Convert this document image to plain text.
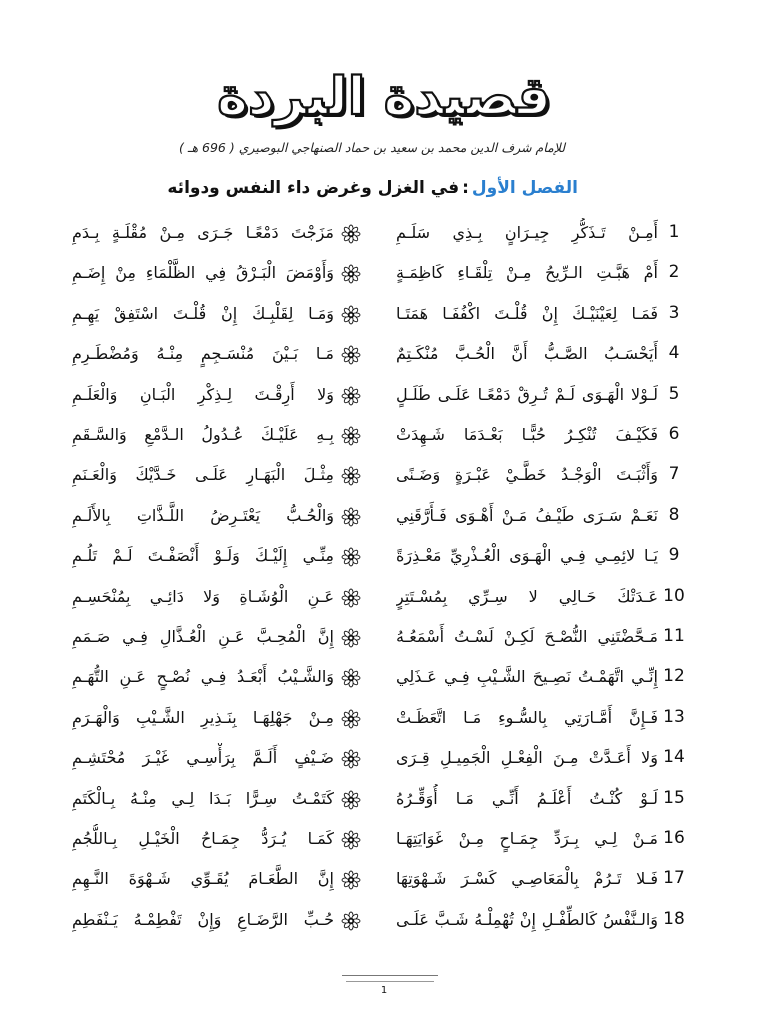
قصيدة البردة
للإمام شرف الدين محمد بن سعيد بن حماد الصنهاجي البوصيري ( 696 هـ )
الفصل الأول:في الغزل وغرض داء النفس ودوائه
1
أَمِـنْ تَـذَكُّرِ جِيـرَانٍ بِـذِي سَلَـمِ
مَزَجْتَ دَمْعًـا جَـرَى مِـنْ مُقْلَـةٍ بِـدَمِ
2
أَمْ هَبَّـتِ الـرِّيحُ مِـنْ تِلْقَـاءِ كَاظِمَـةٍ
وَأَوْمَضَ الْبَـرْقُ فِي الظَّلْمَاءِ مِنْ إِضَـمِ
3
فَمَـا لِعَيْنَيْـكَ إِنْ قُلْـتَ اكْفُفَـا هَمَتَـا
وَمَـا لِقَلْبِـكَ إِنْ قُلْـتَ اسْتَفِقْ يَهِـمِ
4
أَيَحْسَـبُ الصَّـبُّ أَنَّ الْحُـبَّ مُنْكَـتِمٌ
مَـا بَـيْنَ مُنْسَـجِمٍ مِنْـهُ وَمُضْطَـرِمِ
5
لَـوْلا الْهَـوَى لَـمْ تُـرِقْ دَمْعًـا عَلَـى طَلَـلٍ
وَلا أَرِقْـتَ لِـذِكْرِ الْبَـانِ وَالْعَلَـمِ
6
فَكَيْـفَ تُنْكِـرُ حُبًّـا بَعْـدَمَا شَـهِدَتْ
بِـهِ عَلَيْـكَ عُـدُولُ الـدَّمْعِ وَالسَّـقَمِ
7
وَأَثْبَـتَ الْوَجْـدُ خَطَّـيْ عَبْـرَةٍ وَضَـنًى
مِثْـلَ الْبَهَـارِ عَلَـى خَـدَّيْكَ وَالْعَـنَمِ
8
نَعَـمْ سَـرَى طَيْـفُ مَـنْ أَهْـوَى فَـأَرَّقَنِي
وَالْحُـبُّ يَعْتَـرِضُ اللَّـذَّاتِ بِالأَلَـمِ
9
يَـا لائِمِـي فِـي الْهَـوَى الْعُـذْرِيِّ مَعْـذِرَةً
مِنِّـي إِلَيْـكَ وَلَـوْ أَنْصَفْـتَ لَـمْ تَلُـمِ
10
عَـدَتْكَ حَـالِي لا سِـرِّي بِمُسْـتَتِرٍ
عَـنِ الْوُشَـاةِ وَلا دَائِـي بِمُنْحَسِـمِ
11
مَـحَّضْتَنِي النُّصْـحَ لَكِـنْ لَسْـتُ أَسْمَعُـهُ
إِنَّ الْمُحِـبَّ عَـنِ الْعُـذَّالِ فِـي صَـمَمِ
12
إِنِّـي اتَّهَمْـتُ نَصِـيحَ الشَّـيْبِ فِـي عَـذَلِي
وَالشَّـيْبُ أَبْعَـدُ فِـي نُصْـحٍ عَـنِ التُّهَـمِ
13
فَـإِنَّ أَمَّـارَتِي بِالسُّـوءِ مَـا اتَّعَظَـتْ
مِـنْ جَهْلِهَـا بِنَـذِيرِ الشَّـيْبِ وَالْهَـرَمِ
14
وَلا أَعَـدَّتْ مِـنَ الْفِعْـلِ الْجَمِيـلِ قِـرَى
ضَـيْفٍ أَلَـمَّ بِرَأْسِـي غَيْـرَ مُحْتَشِـمِ
15
لَـوْ كُنْـتُ أَعْلَـمُ أَنِّـي مَـا أُوَقِّـرُهُ
كَتَمْـتُ سِـرًّا بَـدَا لِـي مِنْـهُ بِـالْكَتَمِ
16
مَـنْ لِـي بِـرَدِّ جِمَـاحٍ مِـنْ غَوَايَتِهَـا
كَمَـا يُـرَدُّ جِمَـاحُ الْخَيْـلِ بِـاللُّجُمِ
17
فَـلا تَـرُمْ بِالْمَعَاصِـي كَسْـرَ شَـهْوَتِهَا
إِنَّ الطَّعَـامَ يُقَـوِّي شَـهْوَةَ النَّـهِمِ
18
وَالـنَّفْسُ كَالطِّفْـلِ إِنْ تُهْمِلْـهُ شَـبَّ عَلَـى
حُـبِّ الرَّضَـاعِ وَإِنْ تَفْطِمْـهُ يَـنْفَطِمِ
1
